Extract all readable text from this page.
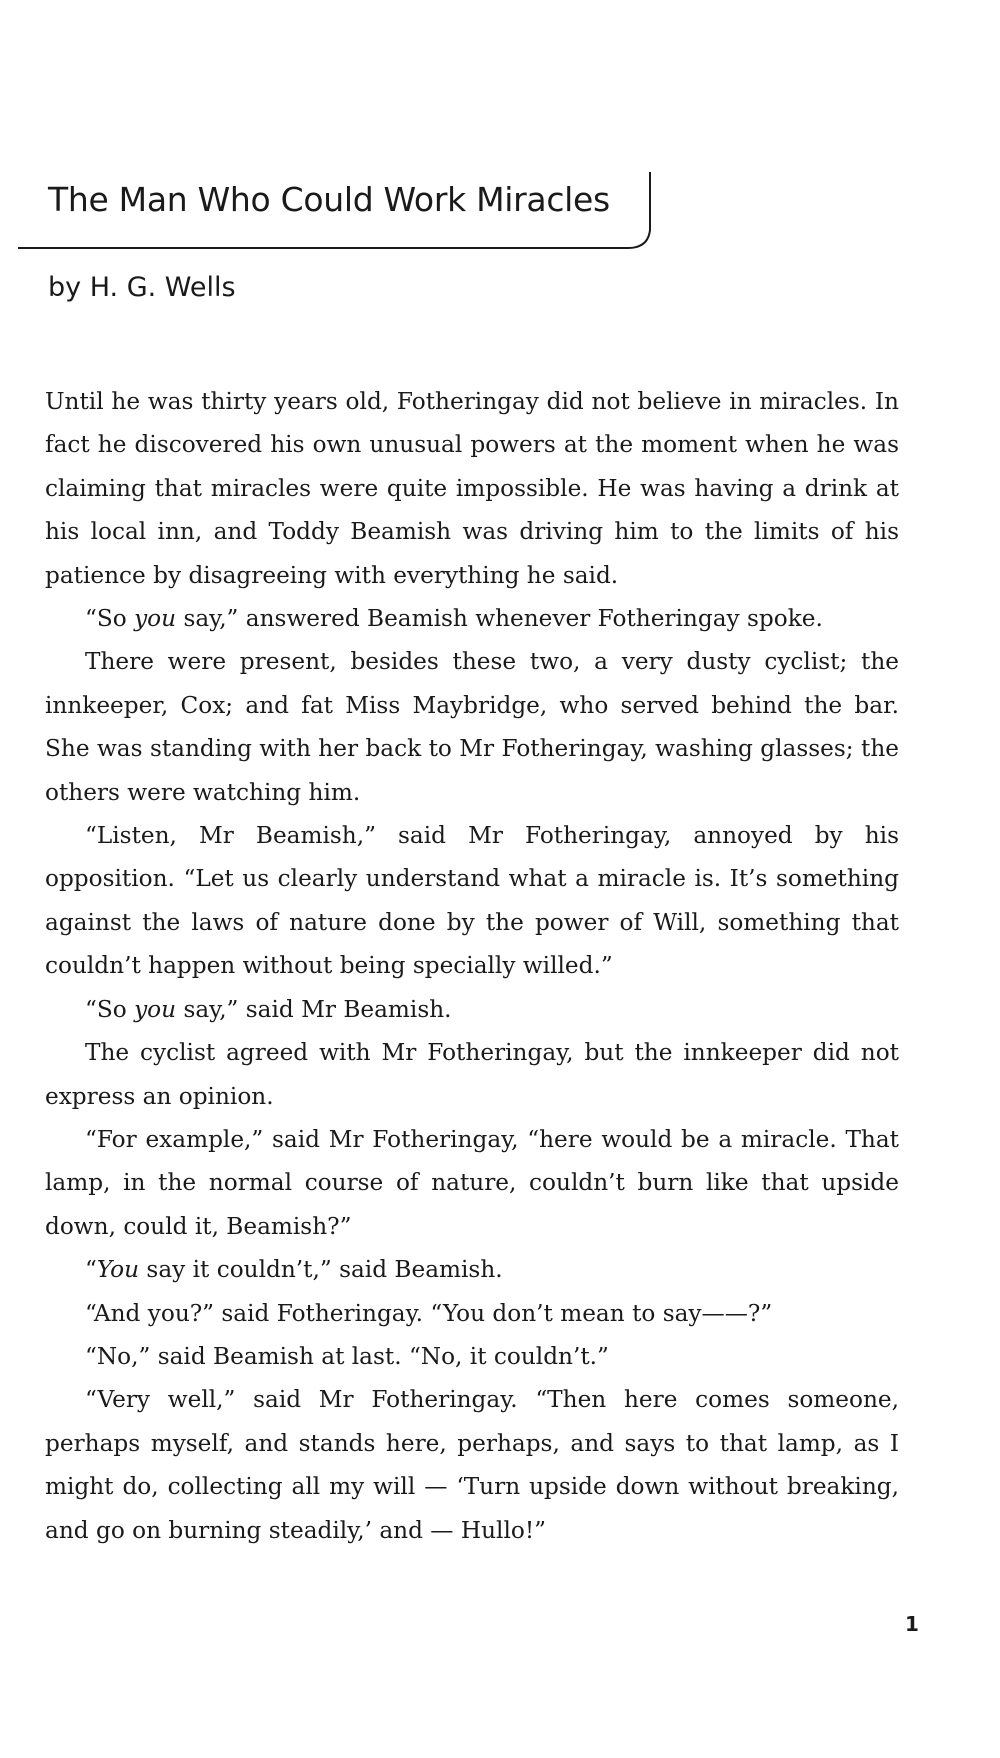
The Man Who Could Work Miracles
by H. G. Wells

Until he was thirty years old, Fotheringay did not believe in miracles. In fact he discovered his own unusual powers at the moment when he was claiming that miracles were quite impossible. He was having a drink at his local inn, and Toddy Beamish was driving him to the limits of his patience by disagreeing with everything he said.

“So you say,” answered Beamish whenever Fotheringay spoke.

There were present, besides these two, a very dusty cyclist; the innkeeper, Cox; and fat Miss Maybridge, who served behind the bar. She was standing with her back to Mr Fotheringay, washing glasses; the others were watching him.

“Listen, Mr Beamish,” said Mr Fotheringay, annoyed by his opposition. “Let us clearly understand what a miracle is. It’s something against the laws of nature done by the power of Will, something that couldn’t happen without being specially willed.”

“So you say,” said Mr Beamish.

The cyclist agreed with Mr Fotheringay, but the innkeeper did not express an opinion.

“For example,” said Mr Fotheringay, “here would be a miracle. That lamp, in the normal course of nature, couldn’t burn like that upside down, could it, Beamish?”

“You say it couldn’t,” said Beamish.

“And you?” said Fotheringay. “You don’t mean to say——?”

“No,” said Beamish at last. “No, it couldn’t.”

“Very well,” said Mr Fotheringay. “Then here comes someone, perhaps myself, and stands here, perhaps, and says to that lamp, as I might do, collecting all my will — ‘Turn upside down without breaking, and go on burning steadily,’ and — Hullo!”

1
